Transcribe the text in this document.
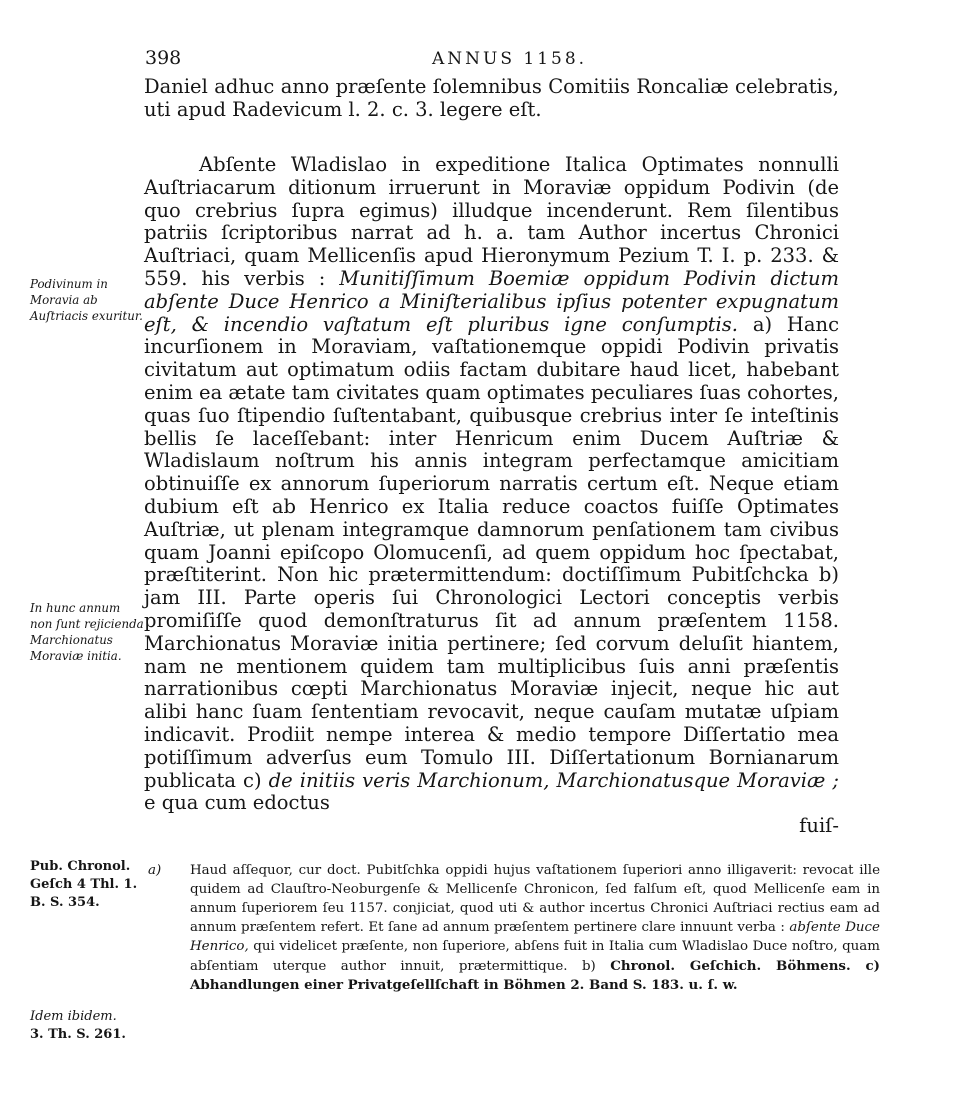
398	ANNUS 1158.
Daniel adhuc anno præſente ſolemnibus Comitiis Roncaliæ celebratis, uti apud Radevicum l. 2. c. 3. legere eſt.
Abſente Wladislao in expeditione Italica Optimates nonnulli Auſtriacarum ditionum irruerunt in Moraviæ oppidum Podivin (de quo crebrius ſupra egimus) illudque incenderunt. Rem ſilentibus patriis ſcriptoribus narrat ad h. a. tam Author incertus Chronici Auſtriaci, quam Mellicenſis apud Hieronymum Pezium T. I. p. 233. & 559. his verbis : Munitiſſimum Boemiæ oppidum Podivin dictum abſente Duce Henrico a Miniſterialibus ipſius potenter expugnatum eſt, & incendio vaſtatum eſt pluribus igne conſumptis. a) Hanc incurſionem in Moraviam, vaſtationemque oppidi Podivin privatis civitatum aut optimatum odiis factam dubitare haud licet, habebant enim ea ætate tam civitates quam optimates peculiares ſuas cohortes, quas ſuo ſtipendio ſuſtentabant, quibusque crebrius inter ſe inteſtinis bellis ſe laceſſebant: inter Henricum enim Ducem Auſtriæ & Wladislaum noſtrum his annis integram perfectamque amicitiam obtinuiſſe ex annorum ſuperiorum narratis certum eſt. Neque etiam dubium eſt ab Henrico ex Italia reduce coactos fuiſſe Optimates Auſtriæ, ut plenam integramque damnorum penſationem tam civibus quam Joanni epiſcopo Olomucenſi, ad quem oppidum hoc ſpectabat, præſtiterint. Non hic prætermittendum: doctiſſimum Pubitſchcka b) jam III. Parte operis ſui Chronologici Lectori conceptis verbis promiſiſſe quod demonſtraturus ſit ad annum præſentem 1158. Marchionatus Moraviæ initia pertinere; ſed corvum deluſit hiantem, nam ne mentionem quidem tam multiplicibus ſuis anni præſentis narrationibus cœpti Marchionatus Moraviæ injecit, neque hic aut alibi hanc ſuam ſententiam revocavit, neque cauſam mutatæ uſpiam indicavit. Prodiit nempe interea & medio tempore Diſſertatio mea potiſſimum adverſus eum Tomulo III. Diſſertationum Bornianarum publicata c) de initiis veris Marchionum, Marchionatusque Moraviæ ; e qua cum edoctus
fuiſ-
a) Haud aſſequor, cur doct. Pubitſchka oppidi hujus vaſtationem ſuperiori anno illigaverit: revocat ille quidem ad Clauſtro-Neoburgenſe & Mellicenſe Chronicon, ſed falſum eſt, quod Mellicenſe eam in annum ſuperiorem ſeu 1157. conjiciat, quod uti & author incertus Chronici Auſtriaci rectius eam ad annum præſentem refert. Et ſane ad annum præſentem pertinere clare innuunt verba : abſente Duce Henrico, qui videlicet præſente, non ſuperiore, abſens fuit in Italia cum Wladislao Duce noſtro, quam abſentiam uterque author innuit, prætermittique. b) Chronol. Geſchich. Böhmens. c) Abhandlungen einer Privatgeſellſchaft in Böhmen 2. Band S. 183. u. ſ. w.
Podivinum in Moravia ab Auſtriacis exuritur.
In hunc annum non ſunt rejicienda Marchionatus Moraviæ initia.
Pub. Chronol. Geſch 4 Thl. 1. B. S. 354.
Idem ibidem.
3. Th. S. 261.
